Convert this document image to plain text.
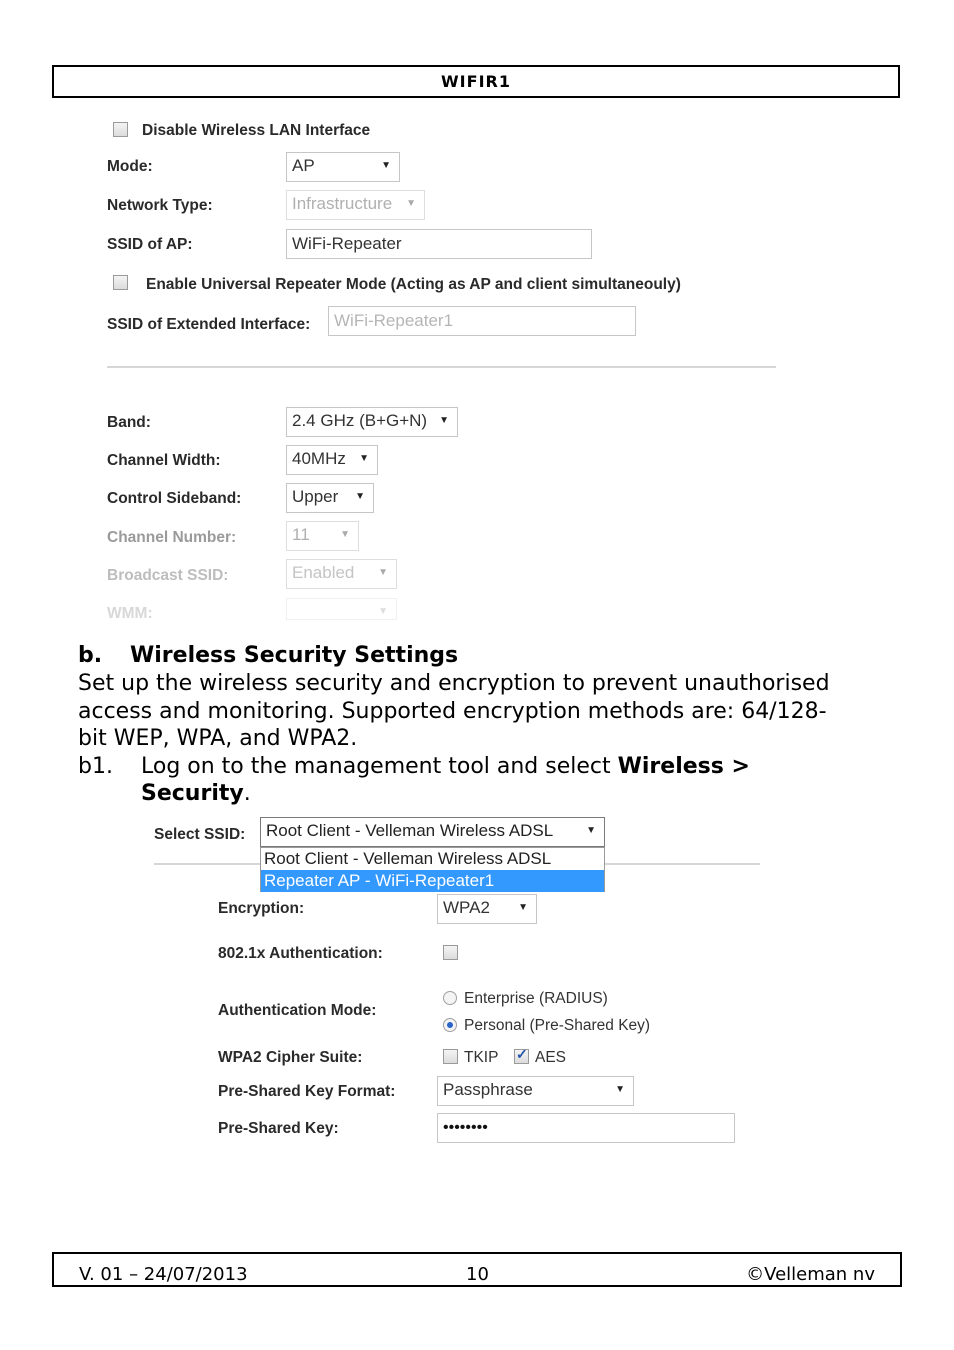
WIFIR1
Disable Wireless LAN Interface
Mode:	AP	▼
Network Type:	Infrastructure ▼
SSID of AP:	WiFi-Repeater
Enable Universal Repeater Mode (Acting as AP and client simultaneouly)
SSID of Extended Interface:	WiFi-Repeater1
Band:	2.4 GHz (B+G+N) ▼
Channel Width:	40MHz ▼
Control Sideband:	Upper ▼
Channel Number:	11	▼
Broadcast SSID:	Enabled ▼
WMM:	▼
b. Wireless Security Settings
Set up the wireless security and encryption to prevent unauthorised
access and monitoring. Supported encryption methods are: 64/128-
bit WEP, WPA, and WPA2.
b1. Log on to the management tool and select Wireless >
Security.
Select SSID:	Root Client - Velleman Wireless ADSL	▼
Root Client - Velleman Wireless ADSL
Repeater AP - WiFi-Repeater1
Encryption:	WPA2	▼
802.1x Authentication:
Authentication Mode:
Enterprise (RADIUS)
Personal (Pre-Shared Key)
WPA2 Cipher Suite:	TKIP
✓ AES
Pre-Shared Key Format:	Passphrase	▼
Pre-Shared Key:	••••••••
V. 01 – 24/07/2013	10	©Velleman nv
